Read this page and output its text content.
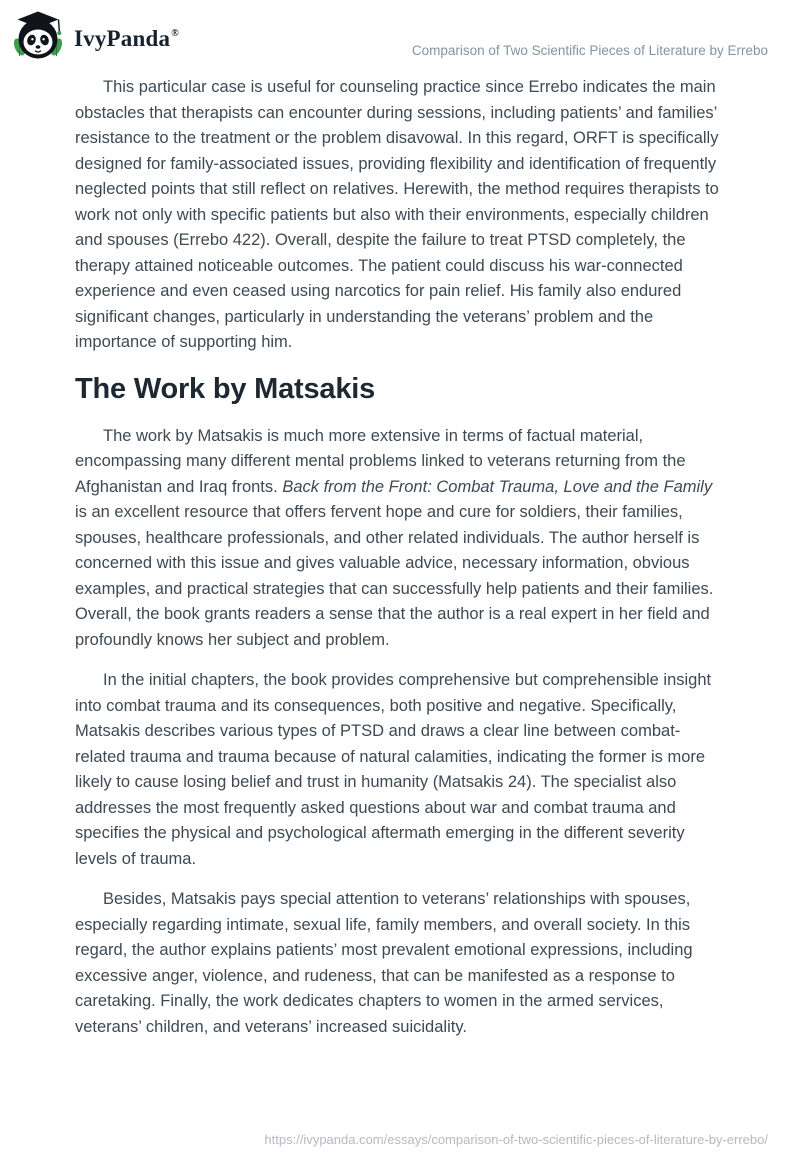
IvyPanda®
Comparison of Two Scientific Pieces of Literature by Errebo

This particular case is useful for counseling practice since Errebo indicates the main obstacles that therapists can encounter during sessions, including patients’ and families’ resistance to the treatment or the problem disavowal. In this regard, ORFT is specifically designed for family-associated issues, providing flexibility and identification of frequently neglected points that still reflect on relatives. Herewith, the method requires therapists to work not only with specific patients but also with their environments, especially children and spouses (Errebo 422). Overall, despite the failure to treat PTSD completely, the therapy attained noticeable outcomes. The patient could discuss his war-connected experience and even ceased using narcotics for pain relief. His family also endured significant changes, particularly in understanding the veterans’ problem and the importance of supporting him.

The Work by Matsakis

The work by Matsakis is much more extensive in terms of factual material, encompassing many different mental problems linked to veterans returning from the Afghanistan and Iraq fronts. Back from the Front: Combat Trauma, Love and the Family is an excellent resource that offers fervent hope and cure for soldiers, their families, spouses, healthcare professionals, and other related individuals. The author herself is concerned with this issue and gives valuable advice, necessary information, obvious examples, and practical strategies that can successfully help patients and their families. Overall, the book grants readers a sense that the author is a real expert in her field and profoundly knows her subject and problem.

In the initial chapters, the book provides comprehensive but comprehensible insight into combat trauma and its consequences, both positive and negative. Specifically, Matsakis describes various types of PTSD and draws a clear line between combat-related trauma and trauma because of natural calamities, indicating the former is more likely to cause losing belief and trust in humanity (Matsakis 24). The specialist also addresses the most frequently asked questions about war and combat trauma and specifies the physical and psychological aftermath emerging in the different severity levels of trauma.

Besides, Matsakis pays special attention to veterans’ relationships with spouses, especially regarding intimate, sexual life, family members, and overall society. In this regard, the author explains patients’ most prevalent emotional expressions, including excessive anger, violence, and rudeness, that can be manifested as a response to caretaking. Finally, the work dedicates chapters to women in the armed services, veterans’ children, and veterans’ increased suicidality.

https://ivypanda.com/essays/comparison-of-two-scientific-pieces-of-literature-by-errebo/
